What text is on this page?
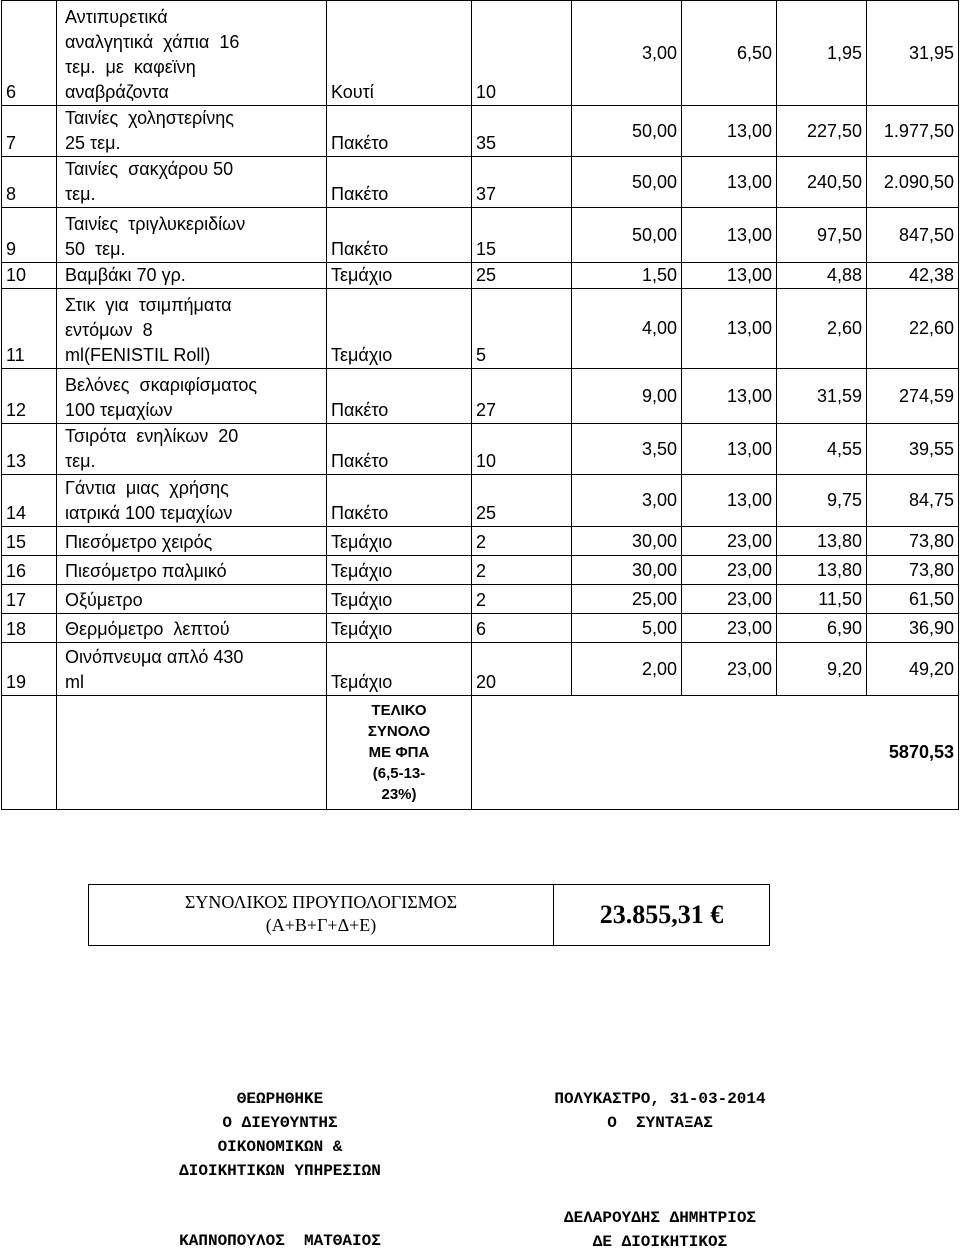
6	Αντιπυρετικά
αναλγητικά  χάπια  16
τεμ.  με  καφεϊνη
αναβράζοντα	Κουτί	10	3,00	6,50	1,95	31,95
7	Ταινίες  χοληστερίνης
25 τεμ.	Πακέτο	35	50,00	13,00	227,50	1.977,50
8	Ταινίες  σακχάρου 50
τεμ.	Πακέτο	37	50,00	13,00	240,50	2.090,50
9	Ταινίες  τριγλυκεριδίων
50  τεμ.	Πακέτο	15	50,00	13,00	97,50	847,50
10	Βαμβάκι 70 γρ.	Τεμάχιο	25	1,50	13,00	4,88	42,38
11	Στικ  για  τσιμπήματα
εντόμων  8
ml(FENISTIL Roll)	Τεμάχιο	5	4,00	13,00	2,60	22,60
12	Βελόνες  σκαριφίσματος
100 τεμαχίων	Πακέτο	27	9,00	13,00	31,59	274,59
13	Τσιρότα  ενηλίκων  20
τεμ.	Πακέτο	10	3,50	13,00	4,55	39,55
14	Γάντια  μιας  χρήσης
ιατρικά 100 τεμαχίων	Πακέτο	25	3,00	13,00	9,75	84,75
15	Πιεσόμετρο χειρός	Τεμάχιο	2	30,00	23,00	13,80	73,80
16	Πιεσόμετρο παλμικό	Τεμάχιο	2	30,00	23,00	13,80	73,80
17	Οξύμετρο	Τεμάχιο	2	25,00	23,00	11,50	61,50
18	Θερμόμετρο  λεπτού	Τεμάχιο	6	5,00	23,00	6,90	36,90
19	Οινόπνευμα απλό 430
ml	Τεμάχιο	20	2,00	23,00	9,20	49,20

		ΤΕΛΙΚΟ
ΣΥΝΟΛΟ
ΜΕ ΦΠΑ
(6,5-13-
23%)	5870,53				
ΣΥΝΟΛΙΚΟΣ ΠΡΟΥΠΟΛΟΓΙΣΜΟΣ
(Α+Β+Γ+Δ+Ε)	23.855,31 €
ΘΕΩΡΗΘΗΚΕ
Ο ΔΙΕΥΘΥΝΤΗΣ
ΟΙΚΟΝΟΜΙΚΩΝ &
ΔΙΟΙΚΗΤΙΚΩΝ ΥΠΗΡΕΣΙΩΝ
ΚΑΠΝΟΠΟΥΛΟΣ  ΜΑΤΘΑΙΟΣ
ΠΟΛΥΚΑΣΤΡΟ, 31-03-2014
Ο  ΣΥΝΤΑΞΑΣ
ΔΕΛΑΡΟΥΔΗΣ ΔΗΜΗΤΡΙΟΣ
ΔΕ ΔΙΟΙΚΗΤΙΚΟΣ
